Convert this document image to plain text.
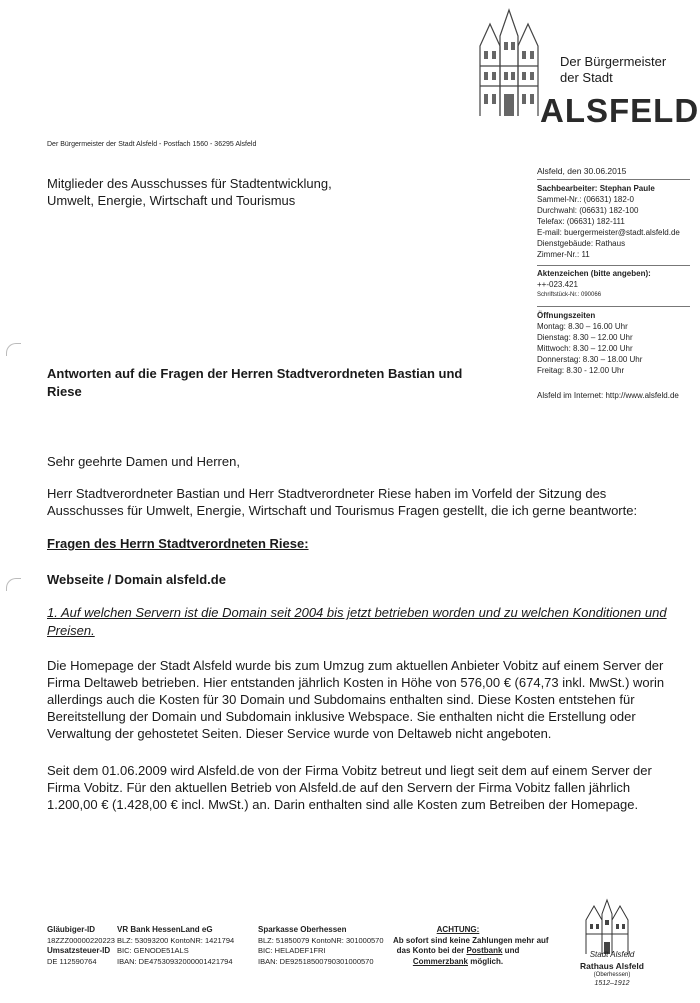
Der Bürgermeister
der Stadt
ALSFELD
Der Bürgermeister der Stadt Alsfeld - Postfach 1560 - 36295 Alsfeld
Mitglieder des Ausschusses für Stadtentwicklung,
Umwelt, Energie, Wirtschaft und Tourismus
Alsfeld, den 30.06.2015
Sachbearbeiter: Stephan Paule
Sammel-Nr.: (06631) 182-0
Durchwahl: (06631) 182-100
Telefax: (06631) 182-111
E-mail: buergermeister@stadt.alsfeld.de
Dienstgebäude: Rathaus
Zimmer-Nr.: 11
Aktenzeichen (bitte angeben):
++-023.421
Schriftstück-Nr.: 090066
Öffnungszeiten
Montag: 8.30 – 16.00 Uhr
Dienstag: 8.30 – 12.00 Uhr
Mittwoch: 8.30 – 12.00 Uhr
Donnerstag: 8.30 – 18.00 Uhr
Freitag: 8.30 - 12.00 Uhr
Alsfeld im Internet: http://www.alsfeld.de
Antworten auf die Fragen der Herren Stadtverordneten Bastian und Riese
Sehr geehrte Damen und Herren,
Herr Stadtverordneter Bastian und Herr Stadtverordneter Riese haben im Vorfeld der Sitzung des Ausschusses für Umwelt, Energie, Wirtschaft und Tourismus Fragen gestellt, die ich gerne beantworte:
Fragen des Herrn Stadtverordneten Riese:
Webseite / Domain alsfeld.de
1. Auf welchen Servern ist die Domain seit 2004 bis jetzt betrieben worden und zu welchen Konditionen und Preisen.
Die Homepage der Stadt Alsfeld wurde bis zum Umzug zum aktuellen Anbieter Vobitz auf einem Server der Firma Deltaweb betrieben. Hier entstanden jährlich Kosten in Höhe von 576,00 € (674,73 inkl. MwSt.) worin allerdings auch die Kosten für 30 Domain und Subdomains enthalten sind. Diese Kosten entstehen für Bereitstellung der Domain und Subdomain inklusive Webspace. Sie enthalten nicht die Erstellung oder Verwaltung der gehostetet Seiten. Dieser Service wurde von Deltaweb nicht angeboten.
Seit dem 01.06.2009 wird Alsfeld.de von der Firma Vobitz betreut und liegt seit dem auf einem Server der Firma Vobitz. Für den aktuellen Betrieb von Alsfeld.de auf den Servern der Firma Vobitz fallen jährlich 1.200,00 € (1.428,00 € incl. MwSt.) an. Darin enthalten sind alle Kosten zum Betreiben der Homepage.
Gläubiger-ID
18ZZZ00000220223
Umsatzsteuer-ID
DE 112590764
VR Bank HessenLand eG
BLZ: 53093200 KontoNR: 1421794
BIC: GENODE51ALS
IBAN: DE47530932000001421794
Sparkasse Oberhessen
BLZ: 51850079 KontoNR: 301000570
BIC: HELADEF1FRI
IBAN: DE92518500790301000570
ACHTUNG:
Ab sofort sind keine Zahlungen mehr auf
das Konto bei der Postbank und
Commerzbank möglich.
Stadt Alsfeld
Rathaus Alsfeld
(Oberhessen)
1512–1912
